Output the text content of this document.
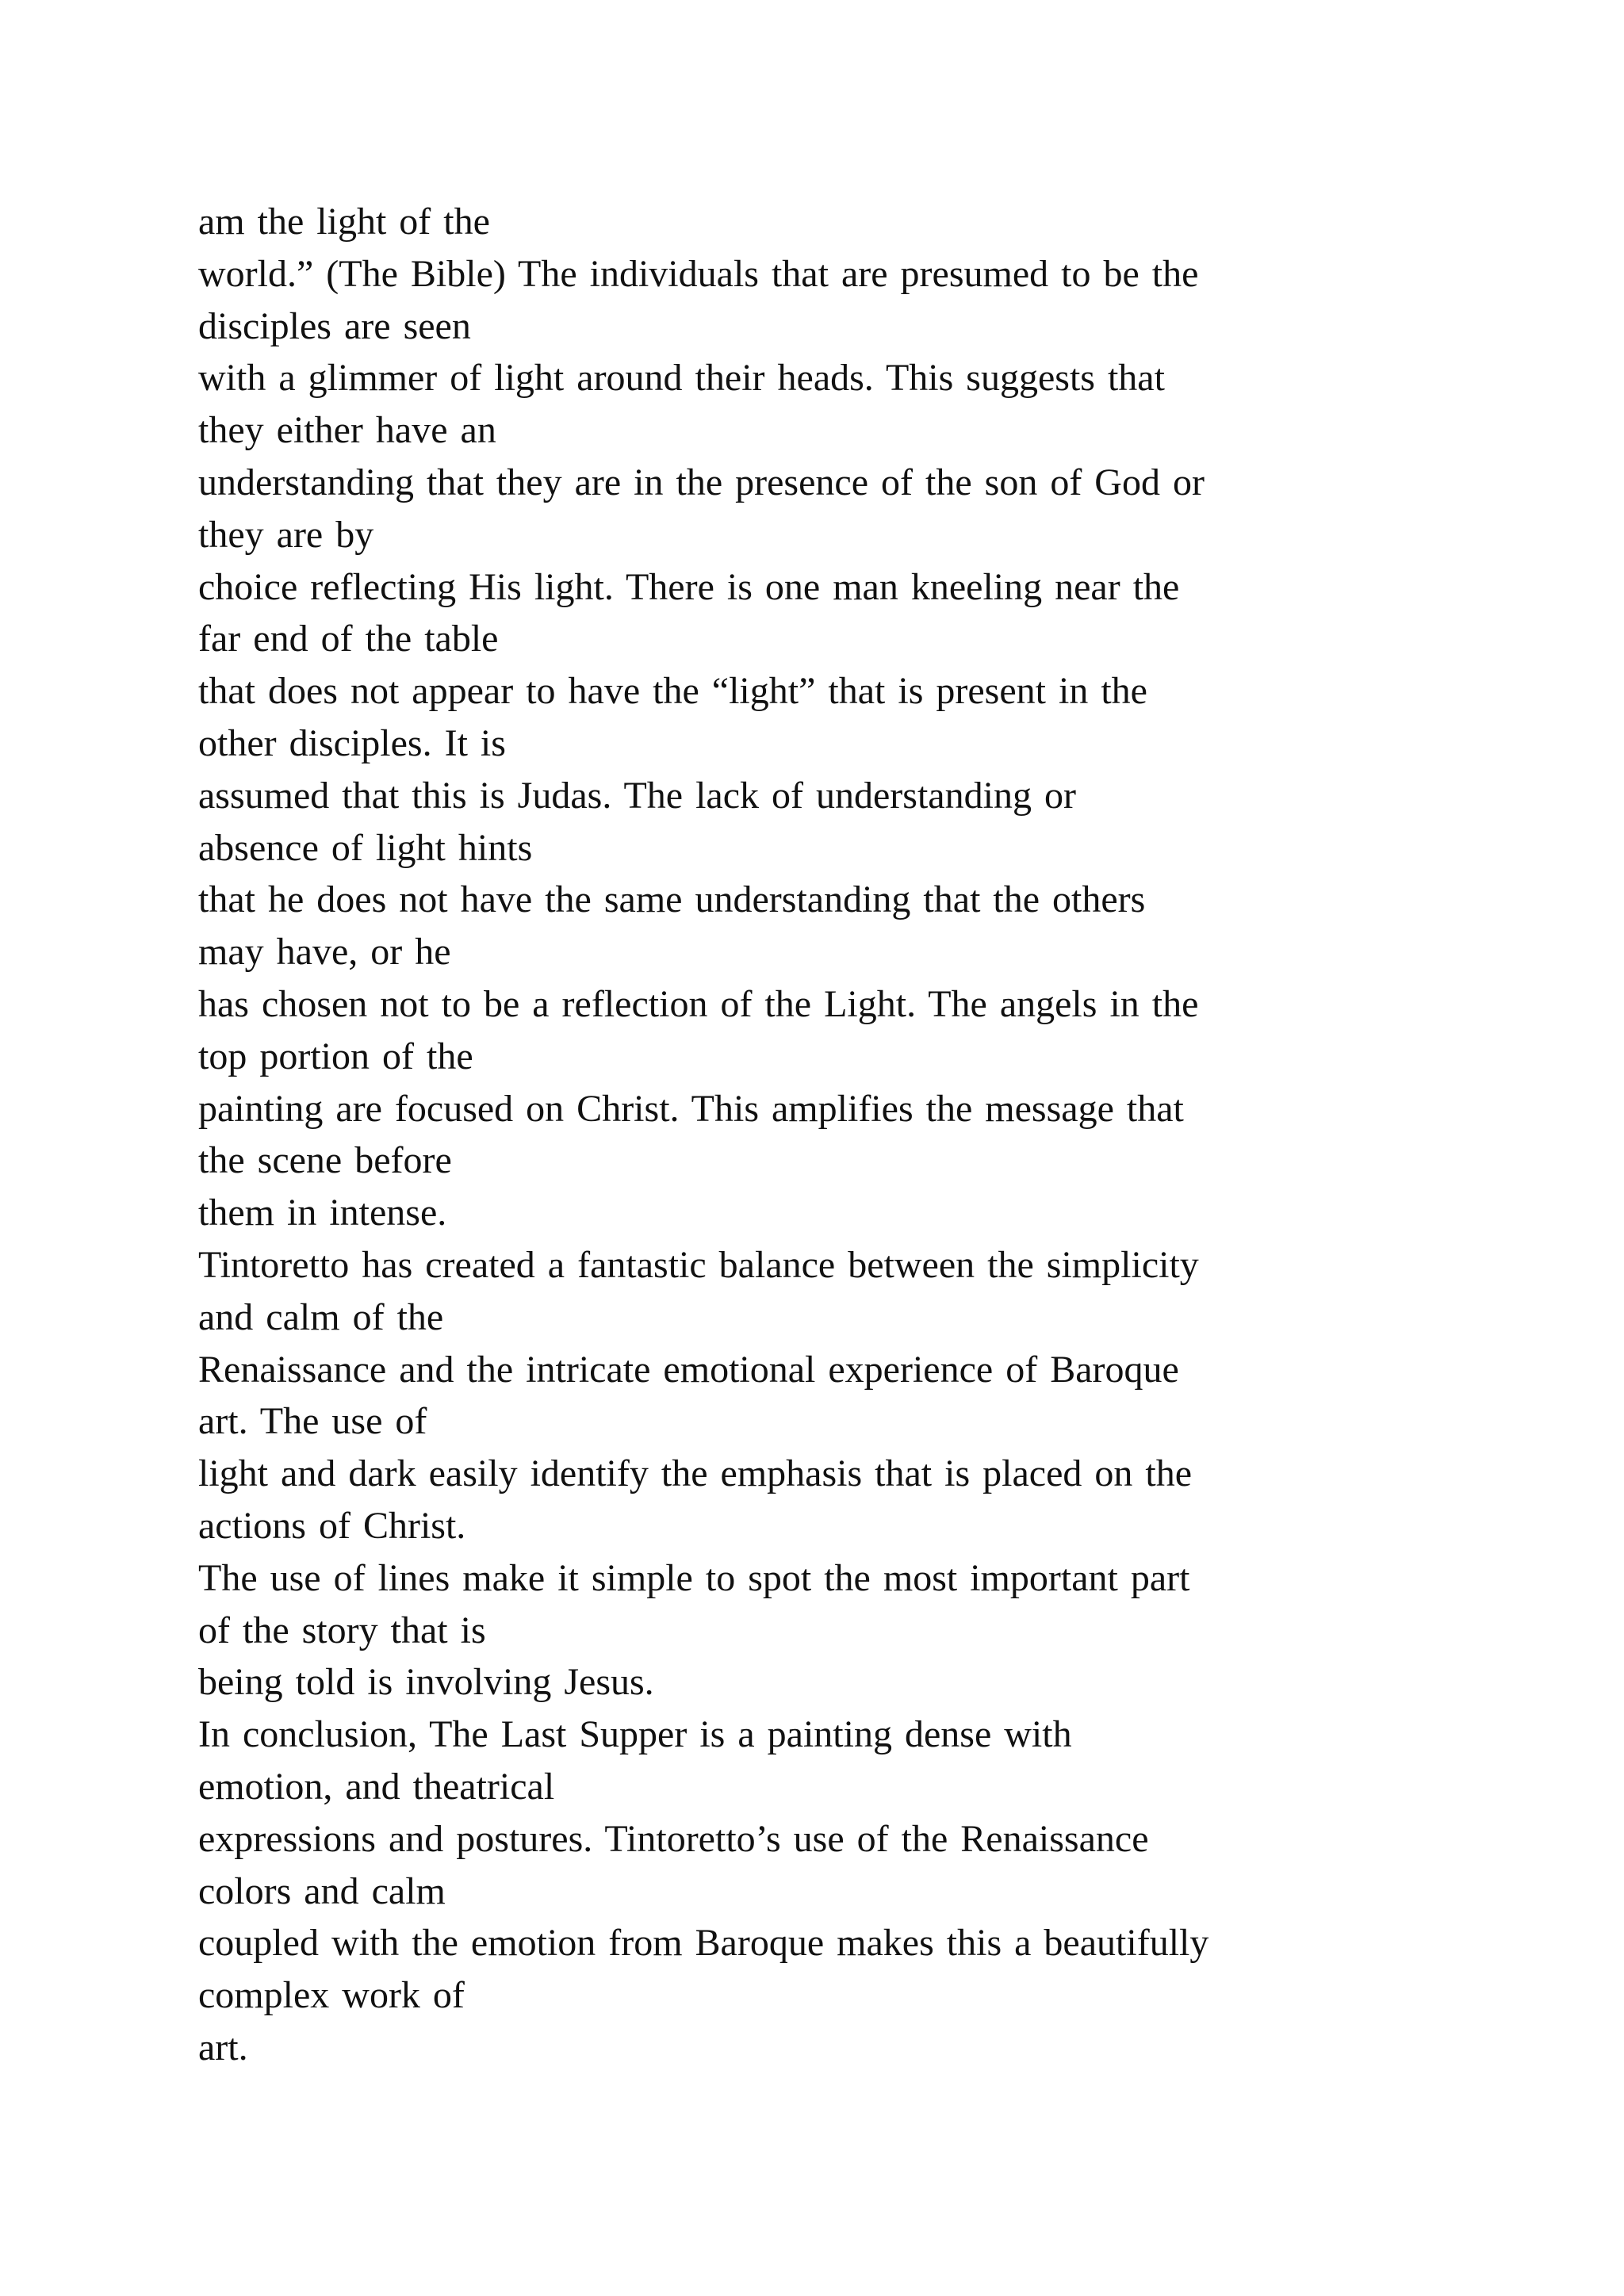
am the light of the
world.” (The Bible) The individuals that are presumed to be the
disciples are seen
with a glimmer of light around their heads. This suggests that
they either have an
understanding that they are in the presence of the son of God or
they are by
choice reflecting His light. There is one man kneeling near the
far end of the table
that does not appear to have the “light” that is present in the
other disciples. It is
assumed that this is Judas. The lack of understanding or
absence of light hints
that he does not have the same understanding that the others
may have, or he
has chosen not to be a reflection of the Light. The angels in the
top portion of the
painting are focused on Christ. This amplifies the message that
the scene before
them in intense.
Tintoretto has created a fantastic balance between the simplicity
and calm of the
Renaissance and the intricate emotional experience of Baroque
art. The use of
light and dark easily identify the emphasis that is placed on the
actions of Christ.
The use of lines make it simple to spot the most important part
of the story that is
being told is involving Jesus.
In conclusion, The Last Supper is a painting dense with
emotion, and theatrical
expressions and postures. Tintoretto’s use of the Renaissance
colors and calm
coupled with the emotion from Baroque makes this a beautifully
complex work of
art.
